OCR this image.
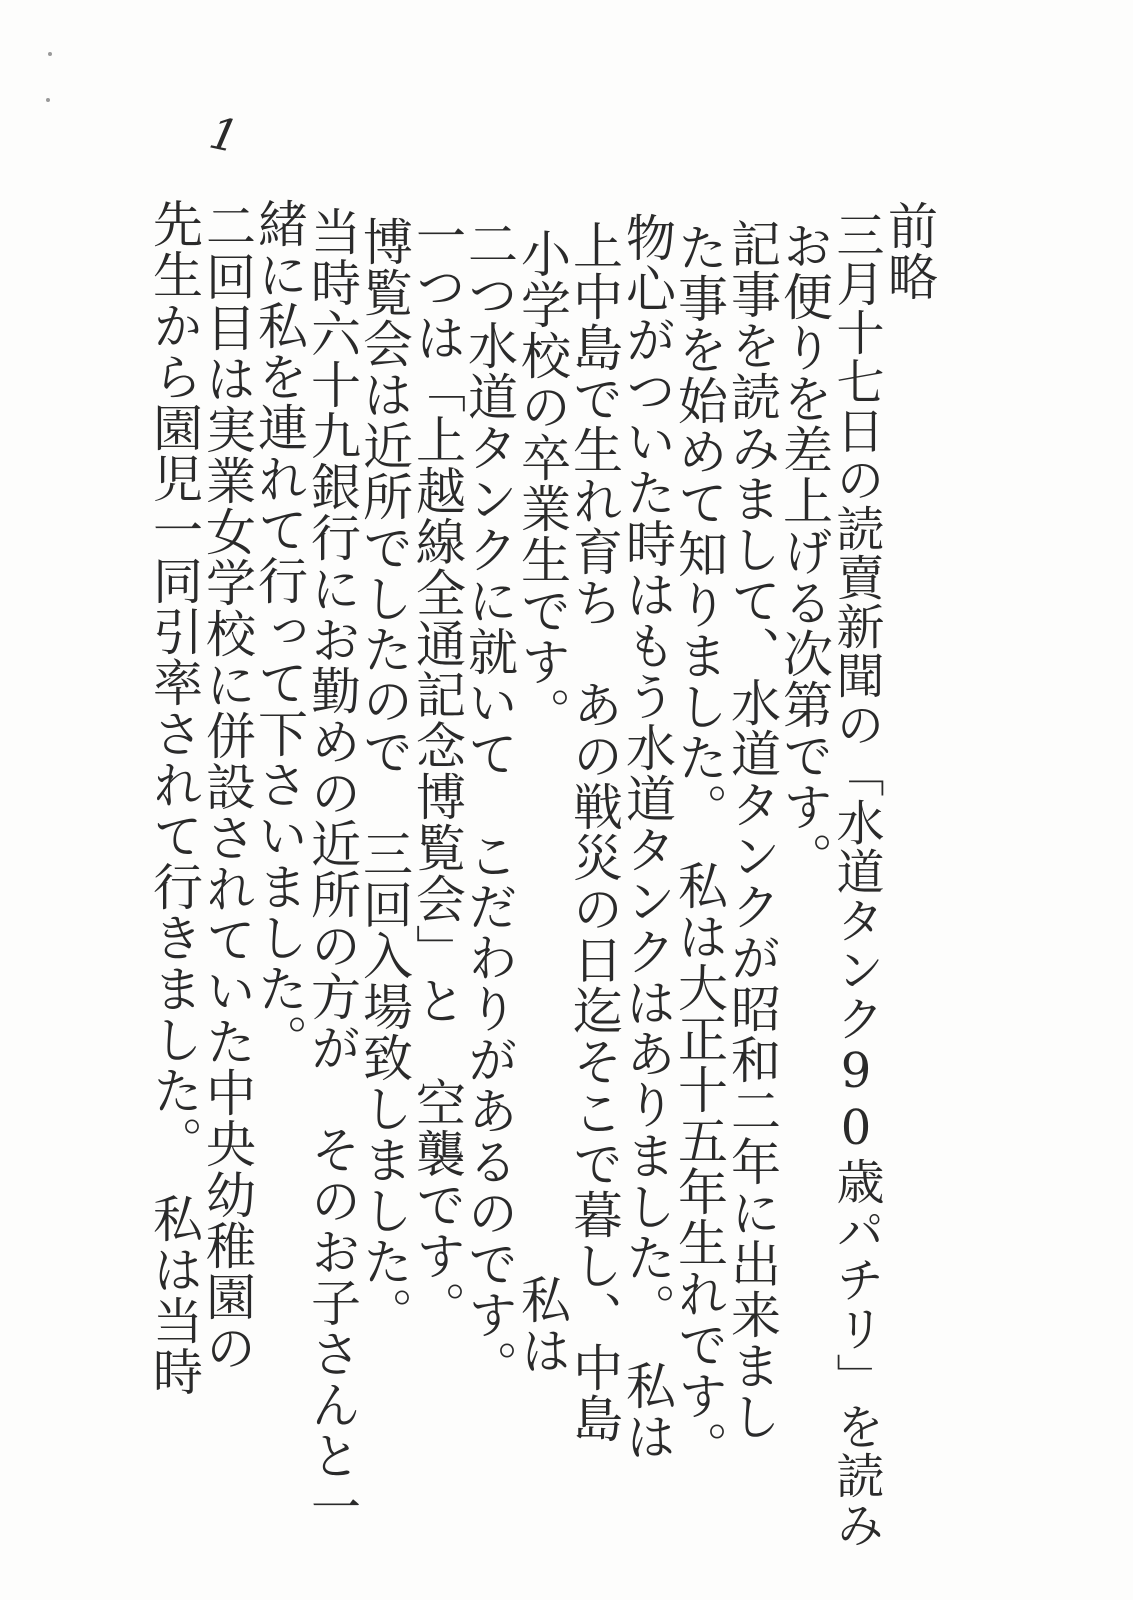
1
前略
三月十七日の読賣新聞の「水道タンク90歳パチリ」を読み
お便りを差上げる次第です。
記事を読みまして、水道タンクが昭和二年に出来まし
た事を始めて知りました。　私は大正十五年生れです。
物心がついた時はもう水道タンクはありました。　私は
上中島で生れ育ち　あの戦災の日迄そこで暮し、中島
小学校の卒業生です。　　　　　　　　　　　私は
二つ水道タンクに就いて　こだわりがあるのです。
一つは「上越線全通記念博覧会」と　空襲です。
博覧会は近所でしたので　三回入場致しました。
当時六十九銀行にお勤めの近所の方が　そのお子さんと一
緒に私を連れて行って下さいました。
二回目は実業女学校に併設されていた中央幼稚園の
先生から園児一同引率されて行きました。　私は当時
